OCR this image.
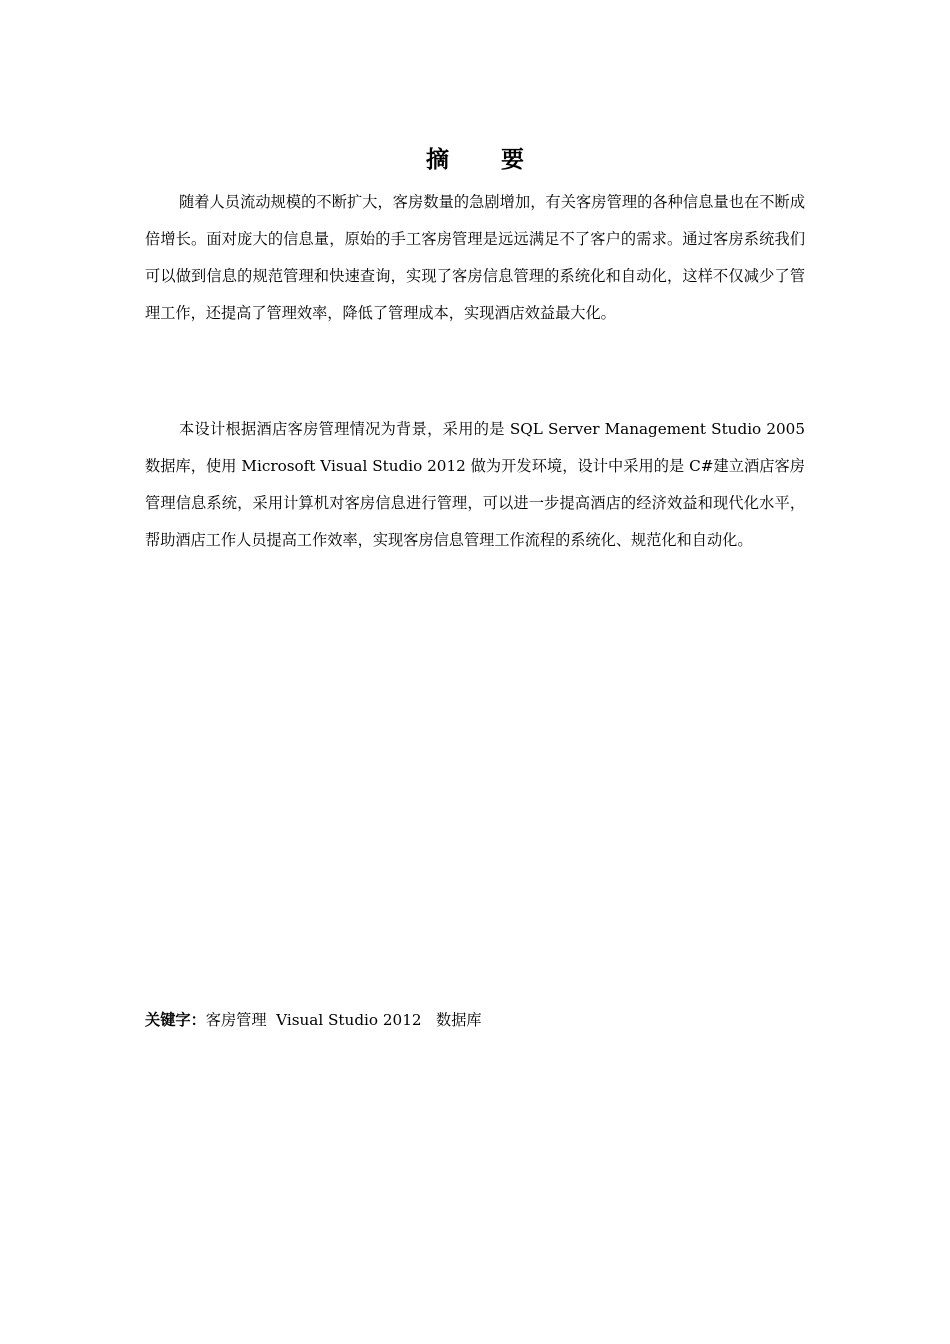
摘 要

随着人员流动规模的不断扩大，客房数量的急剧增加，有关客房管理的各种信息量也在不断成倍增长。面对庞大的信息量，原始的手工客房管理是远远满足不了客户的需求。通过客房系统我们可以做到信息的规范管理和快速查询，实现了客房信息管理的系统化和自动化，这样不仅减少了管理工作，还提高了管理效率，降低了管理成本，实现酒店效益最大化。

本设计根据酒店客房管理情况为背景，采用的是 SQL Server Management Studio 2005 数据库，使用 Microsoft Visual Studio 2012 做为开发环境，设计中采用的是 C#建立酒店客房管理信息系统，采用计算机对客房信息进行管理，可以进一步提高酒店的经济效益和现代化水平，帮助酒店工作人员提高工作效率，实现客房信息管理工作流程的系统化、规范化和自动化。

关键字：客房管理  Visual Studio 2012   数据库
